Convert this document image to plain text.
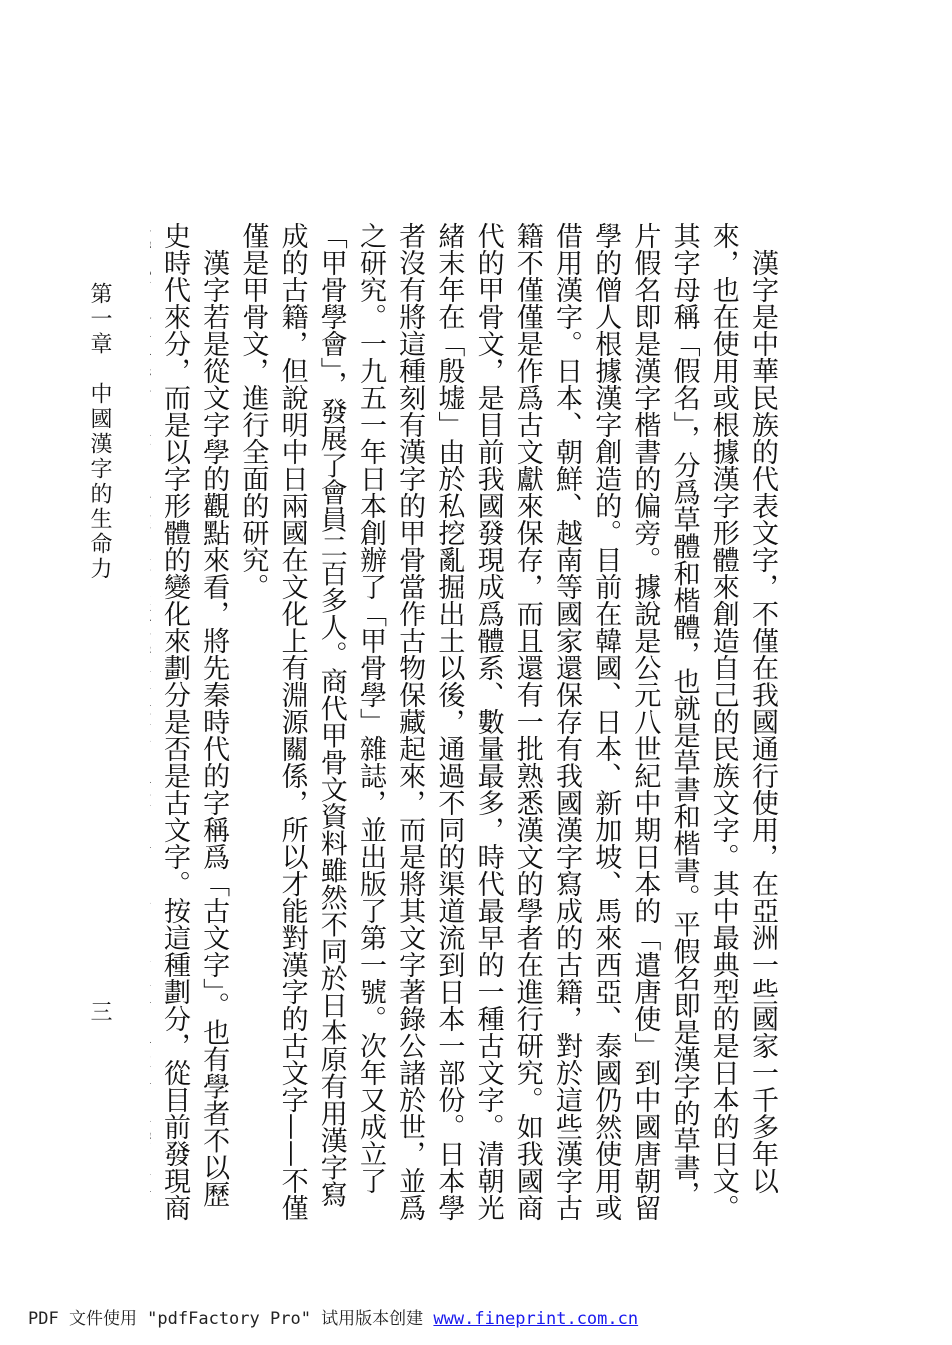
漢字是中華民族的代表文字，不僅在我國通行使用，在亞洲一些國家一千多年以來，也在使用或根據漢字形體來創造自己的民族文字。其中最典型的是日本的日文。其字母稱「假名」，分爲草體和楷體，也就是草書和楷書。平假名即是漢字的草書，片假名即是漢字楷書的偏旁。據說是公元八世紀中期日本的「遣唐使」到中國唐朝留學的僧人根據漢字創造的。目前在韓國、日本、新加坡、馬來西亞、泰國仍然使用或借用漢字。日本、朝鮮、越南等國家還保存有我國漢字寫成的古籍，對於這些漢字古籍不僅僅是作爲古文獻來保存，而且還有一批熟悉漢文的學者在進行研究。如我國商代的甲骨文，是目前我國發現成爲體系、數量最多，時代最早的一種古文字。清朝光緒末年在「殷墟」由於私挖亂掘出土以後，通過不同的渠道流到日本一部份。日本學者沒有將這種刻有漢字的甲骨當作古物保藏起來，而是將其文字著錄公諸於世，並爲之研究。一九五一年日本創辦了「甲骨學」雜誌，並出版了第一號。次年又成立了「甲骨學會」，發展了會員二百多人。商代甲骨文資料雖然不同於日本原有用漢字寫成的古籍，但說明中日兩國在文化上有淵源關係，所以才能對漢字的古文字——不僅僅是甲骨文，進行全面的研究。

漢字若是從文字學的觀點來看，將先秦時代的字稱爲「古文字」。也有學者不以歷史時代來分，而是以字形體的變化來劃分是否是古文字。按這種劃分，從目前發現商

第一章　中國漢字的生命力
三
PDF 文件使用 "pdfFactory Pro" 试用版本创建 www.fineprint.com.cn
